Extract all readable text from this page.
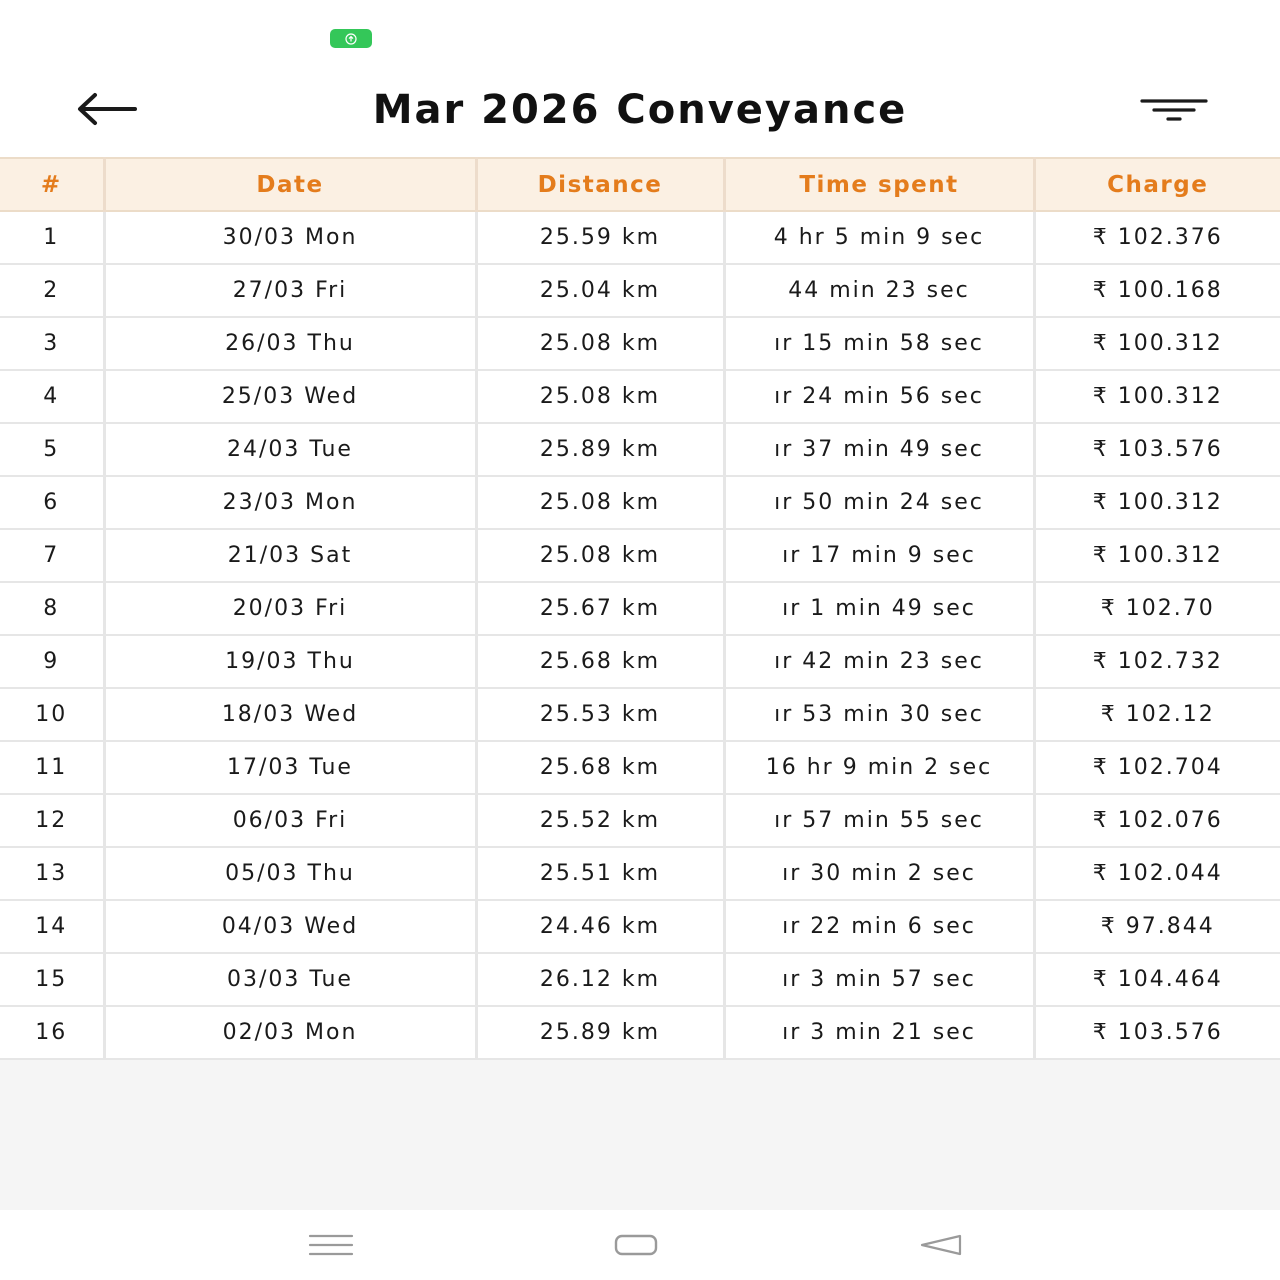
Mar 2026 Conveyance
#	Date	Distance	Time spent	Charge
1	30/03 Mon	25.59 km	4 hr 5 min 9 sec	₹ 102.376
2	27/03 Fri	25.04 km	44 min 23 sec	₹ 100.168
3	26/03 Thu	25.08 km	ır 15 min 58 sec	₹ 100.312
4	25/03 Wed	25.08 km	ır 24 min 56 sec	₹ 100.312
5	24/03 Tue	25.89 km	ır 37 min 49 sec	₹ 103.576
6	23/03 Mon	25.08 km	ır 50 min 24 sec	₹ 100.312
7	21/03 Sat	25.08 km	ır 17 min 9 sec	₹ 100.312
8	20/03 Fri	25.67 km	ır 1 min 49 sec	₹ 102.70
9	19/03 Thu	25.68 km	ır 42 min 23 sec	₹ 102.732
10	18/03 Wed	25.53 km	ır 53 min 30 sec	₹ 102.12
11	17/03 Tue	25.68 km	16 hr 9 min 2 sec	₹ 102.704
12	06/03 Fri	25.52 km	ır 57 min 55 sec	₹ 102.076
13	05/03 Thu	25.51 km	ır 30 min 2 sec	₹ 102.044
14	04/03 Wed	24.46 km	ır 22 min 6 sec	₹ 97.844
15	03/03 Tue	26.12 km	ır 3 min 57 sec	₹ 104.464
16	02/03 Mon	25.89 km	ır 3 min 21 sec	₹ 103.576
